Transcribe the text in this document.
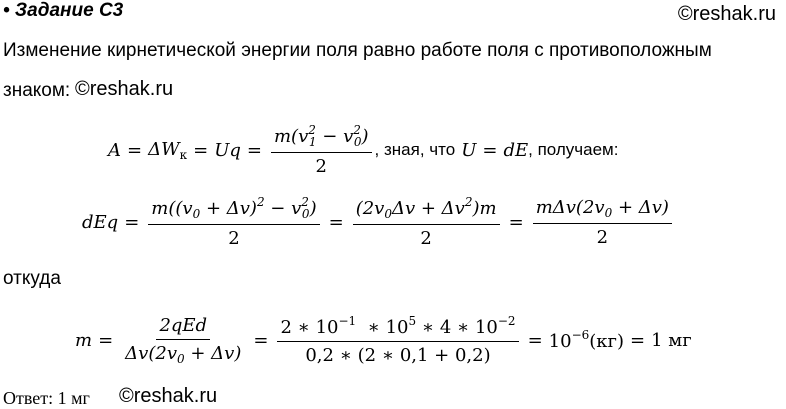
• Задание С3	©reshak.ru
Изменение кирнетической энергии поля равно работе поля с противоположным
знаком: ©reshak.ru
$A = \Delta W_к = U$ $q = \frac{m(v^2_1 - v^2_0)}{2}$ , зная, что U = dE , получаем:
dEq = $\frac{m((v_0 + \Delta v)^2 - v^2_0)}{2} = \frac{(2v_0\Delta v + \Delta v^2)m}{2} = \frac{m\Delta v(2v_0 + \Delta v)}{2}$
откуда
$m = \frac{\text{2qEd}}{\Delta v(2v_0 + \Delta v)} = \frac{2 ∗ 10^{-1} ∗ 10^5 ∗ 4 ∗ 10^{-2}}{0,2 ∗ (2 ∗ 0,1 + 0,2)} = 10^{-6}(кг) = 1$ мг
Ответ: 1 мг ©reshak.ru
